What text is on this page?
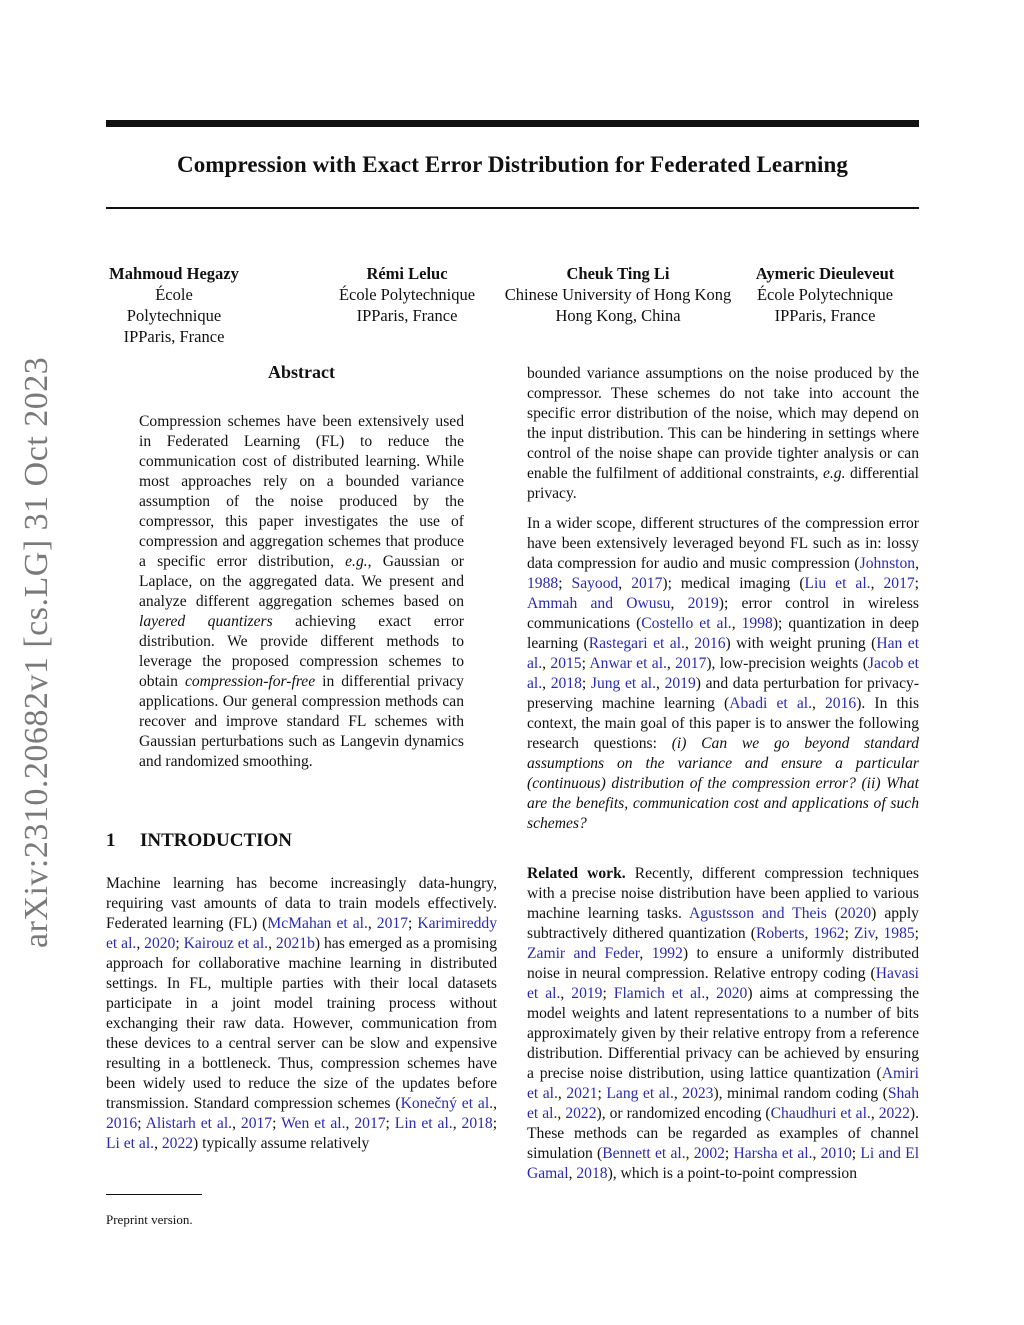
Compression with Exact Error Distribution for Federated Learning
Mahmoud Hegazy
École Polytechnique
IPParis, France
Rémi Leluc
École Polytechnique
IPParis, France
Cheuk Ting Li
Chinese University of Hong Kong
Hong Kong, China
Aymeric Dieuleveut
École Polytechnique
IPParis, France
arXiv:2310.20682v1 [cs.LG] 31 Oct 2023	Abstract
Compression schemes have been extensively used in Federated Learning (FL) to reduce the communication cost of distributed learning. While most approaches rely on a bounded variance assumption of the noise produced by the compressor, this paper investigates the use of compression and aggregation schemes that produce a specific error distribution, e.g., Gaussian or Laplace, on the aggregated data. We present and analyze different aggregation schemes based on layered quantizers achieving exact error distribution. We provide different methods to leverage the proposed compression schemes to obtain compression-for-free in differential privacy applications. Our general compression methods can recover and improve standard FL schemes with Gaussian perturbations such as Langevin dynamics and randomized smoothing.
1 INTRODUCTION
Machine learning has become increasingly data-hungry, requiring vast amounts of data to train models effectively. Federated learning (FL) (McMahan et al., 2017; Karimireddy et al., 2020; Kairouz et al., 2021b) has emerged as a promising approach for collaborative machine learning in distributed settings. In FL, multiple parties with their local datasets participate in a joint model training process without exchanging their raw data. However, communication from these devices to a central server can be slow and expensive resulting in a bottleneck. Thus, compression schemes have been widely used to reduce the size of the updates before transmission. Standard compression schemes (Konečný et al., 2016; Alistarh et al., 2017; Wen et al., 2017; Lin et al., 2018; Li et al., 2022) typically assume relatively
Preprint version.
bounded variance assumptions on the noise produced by the compressor. These schemes do not take into account the specific error distribution of the noise, which may depend on the input distribution. This can be hindering in settings where control of the noise shape can provide tighter analysis or can enable the fulfilment of additional constraints, e.g. differential privacy.
In a wider scope, different structures of the compression error have been extensively leveraged beyond FL such as in: lossy data compression for audio and music compression (Johnston, 1988; Sayood, 2017); medical imaging (Liu et al., 2017; Ammah and Owusu, 2019); error control in wireless communications (Costello et al., 1998); quantization in deep learning (Rastegari et al., 2016) with weight pruning (Han et al., 2015; Anwar et al., 2017), low-precision weights (Jacob et al., 2018; Jung et al., 2019) and data perturbation for privacy-preserving machine learning (Abadi et al., 2016). In this context, the main goal of this paper is to answer the following research questions: (i) Can we go beyond standard assumptions on the variance and ensure a particular (continuous) distribution of the compression error? (ii) What are the benefits, communication cost and applications of such schemes?
Related work. Recently, different compression techniques with a precise noise distribution have been applied to various machine learning tasks. Agustsson and Theis (2020) apply subtractively dithered quantization (Roberts, 1962; Ziv, 1985; Zamir and Feder, 1992) to ensure a uniformly distributed noise in neural compression. Relative entropy coding (Havasi et al., 2019; Flamich et al., 2020) aims at compressing the model weights and latent representations to a number of bits approximately given by their relative entropy from a reference distribution. Differential privacy can be achieved by ensuring a precise noise distribution, using lattice quantization (Amiri et al., 2021; Lang et al., 2023), minimal random coding (Shah et al., 2022), or randomized encoding (Chaudhuri et al., 2022). These methods can be regarded as examples of channel simulation (Bennett et al., 2002; Harsha et al., 2010; Li and El Gamal, 2018), which is a point-to-point compression
